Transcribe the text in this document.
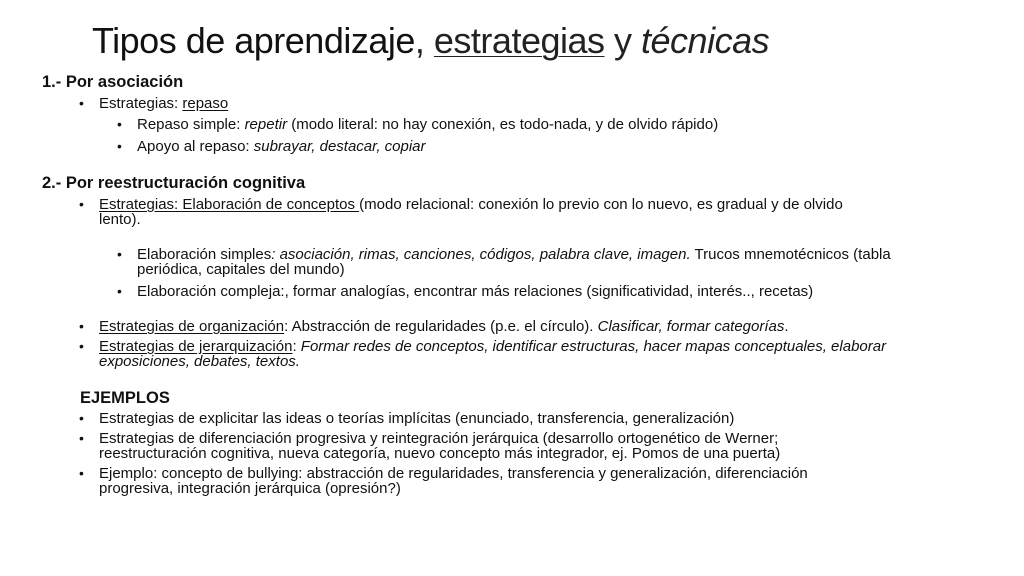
Tipos de aprendizaje, estrategias y técnicas

1.- Por asociación

• Estrategias: repaso
• Repaso simple: repetir (modo literal: no hay conexión, es todo-nada, y de olvido rápido)
• Apoyo al repaso: subrayar, destacar, copiar

2.- Por reestructuración cognitiva

• Estrategias: Elaboración de conceptos (modo relacional: conexión lo previo con lo nuevo, es gradual y de olvido
lento).
• Elaboración simples: asociación, rimas, canciones, códigos, palabra clave, imagen. Trucos mnemotécnicos (tabla
periódica, capitales del mundo)
• Elaboración compleja:, formar analogías, encontrar más relaciones (significatividad, interés.., recetas)
• Estrategias de organización: Abstracción de regularidades (p.e. el círculo). Clasificar, formar categorías.
• Estrategias de jerarquización: Formar redes de conceptos, identificar estructuras, hacer mapas conceptuales, elaborar
exposiciones, debates, textos.

EJEMPLOS

• Estrategias de explicitar las ideas o teorías implícitas (enunciado, transferencia, generalización)
• Estrategias de diferenciación progresiva y reintegración jerárquica (desarrollo ortogenético de Werner;
reestructuración cognitiva, nueva categoría, nuevo concepto más integrador, ej. Pomos de una puerta)
• Ejemplo: concepto de bullying: abstracción de regularidades, transferencia y generalización, diferenciación
progresiva, integración jerárquica (opresión?)
